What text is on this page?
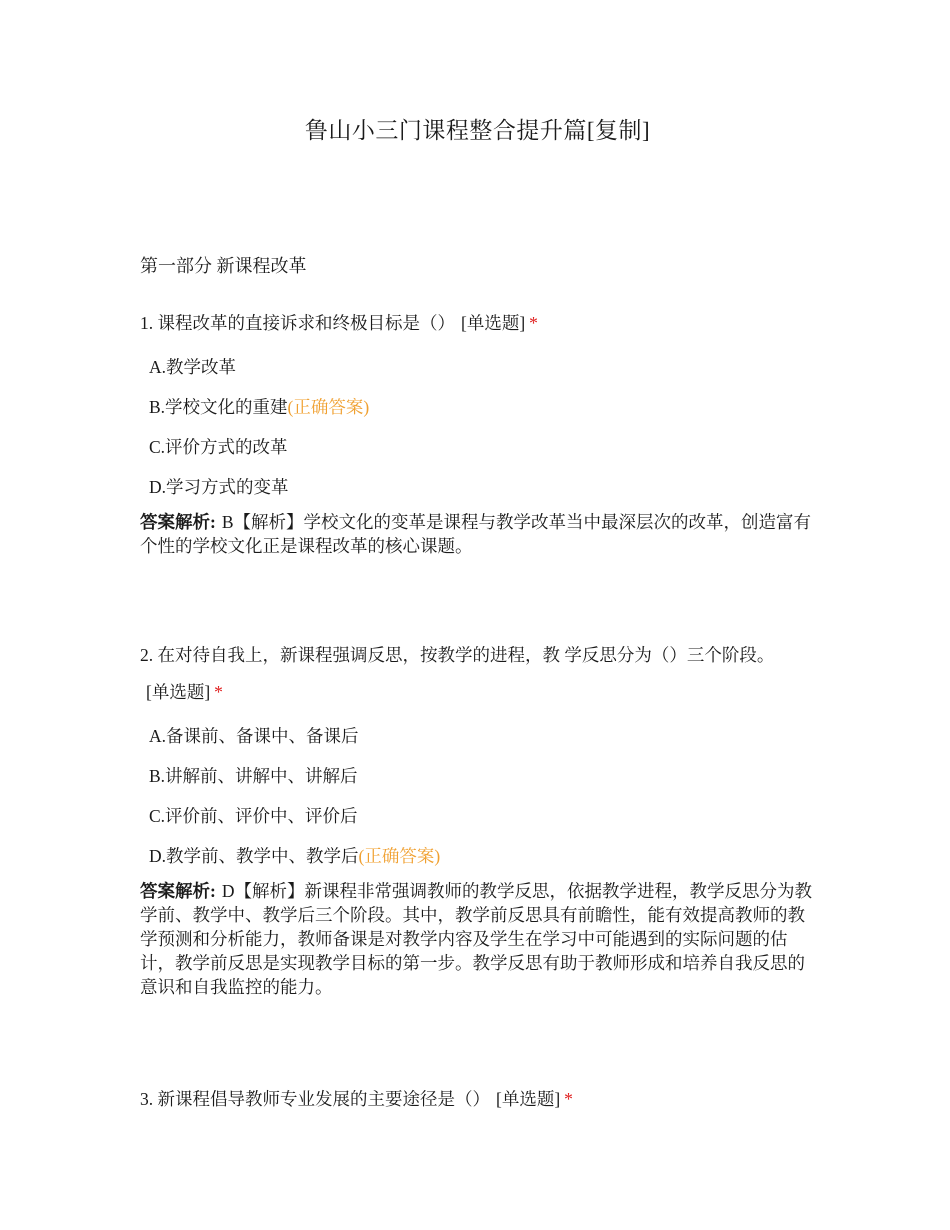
鲁山小三门课程整合提升篇[复制]
第一部分 新课程改革

1. 课程改革的直接诉求和终极目标是（） [单选题] *

A.教学改革
B.学校文化的重建(正确答案)
C.评价方式的改革
D.学习方式的变革

答案解析: B【解析】学校文化的变革是课程与教学改革当中最深层次的改革，创造富有个性的学校文化正是课程改革的核心课题。

2. 在对待自我上，新课程强调反思，按教学的进程，教 学反思分为（）三个阶段。[单选题] *

A.备课前、备课中、备课后
B.讲解前、讲解中、讲解后
C.评价前、评价中、评价后
D.教学前、教学中、教学后(正确答案)

答案解析: D【解析】新课程非常强调教师的教学反思，依据教学进程，教学反思分为教学前、教学中、教学后三个阶段。其中，教学前反思具有前瞻性，能有效提高教师的教学预测和分析能力，教师备课是对教学内容及学生在学习中可能遇到的实际问题的估计，教学前反思是实现教学目标的第一步。教学反思有助于教师形成和培养自我反思的意识和自我监控的能力。

3. 新课程倡导教师专业发展的主要途径是（） [单选题] *
